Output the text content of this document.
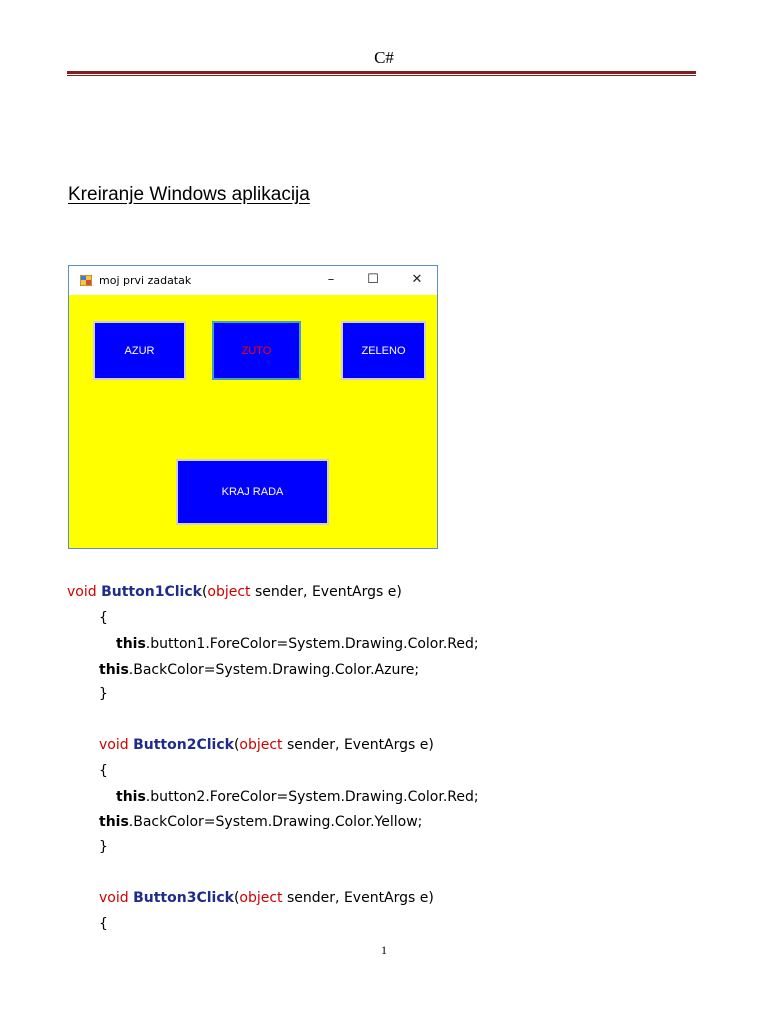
C#
Kreiranje Windows aplikacija
moj prvi zadatak	–	☐	✕
AZUR	ZUTO	ZELENO
KRAJ RADA
void Button1Click(object sender, EventArgs e)
{
this.button1.ForeColor=System.Drawing.Color.Red;
this.BackColor=System.Drawing.Color.Azure;
}
void Button2Click(object sender, EventArgs e)
{
this.button2.ForeColor=System.Drawing.Color.Red;
this.BackColor=System.Drawing.Color.Yellow;
}
void Button3Click(object sender, EventArgs e)
{
1
